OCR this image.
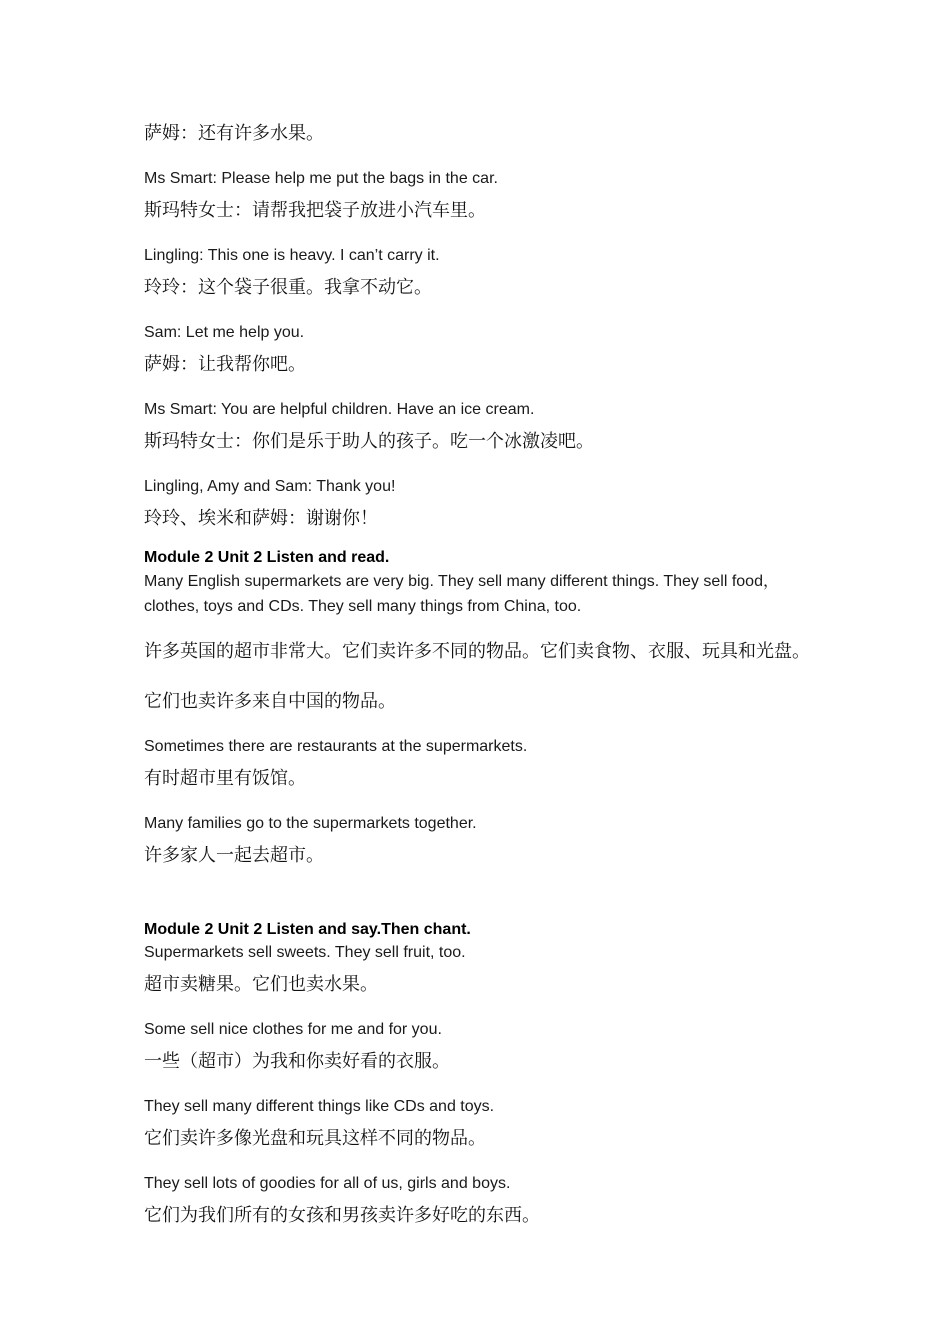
萨姆：还有许多水果。

Ms Smart: Please help me put the bags in the car.

斯玛特女士：请帮我把袋子放进小汽车里。

Lingling: This one is heavy. I can’t carry it.

玲玲：这个袋子很重。我拿不动它。

Sam: Let me help you.

萨姆：让我帮你吧。

Ms Smart: You are helpful children. Have an ice cream.

斯玛特女士：你们是乐于助人的孩子。吃一个冰激凌吧。

Lingling, Amy and Sam: Thank you!

玲玲、埃米和萨姆：谢谢你！

Module 2 Unit 2 Listen and read.

Many English supermarkets are very big. They sell many different things. They sell food，clothes, toys and CDs. They sell many things from China, too.

许多英国的超市非常大。它们卖许多不同的物品。它们卖食物、衣服、玩具和光盘。它们也卖许多来自中国的物品。

Sometimes there are restaurants at the supermarkets.

有时超市里有饭馆。

Many families go to the supermarkets together.

许多家人一起去超市。

Module 2 Unit 2 Listen and say.Then chant.

Supermarkets sell sweets. They sell fruit, too.

超市卖糖果。它们也卖水果。

Some sell nice clothes for me and for you.

一些（超市）为我和你卖好看的衣服。

They sell many different things like CDs and toys.

它们卖许多像光盘和玩具这样不同的物品。

They sell lots of goodies for all of us, girls and boys.

它们为我们所有的女孩和男孩卖许多好吃的东西。
